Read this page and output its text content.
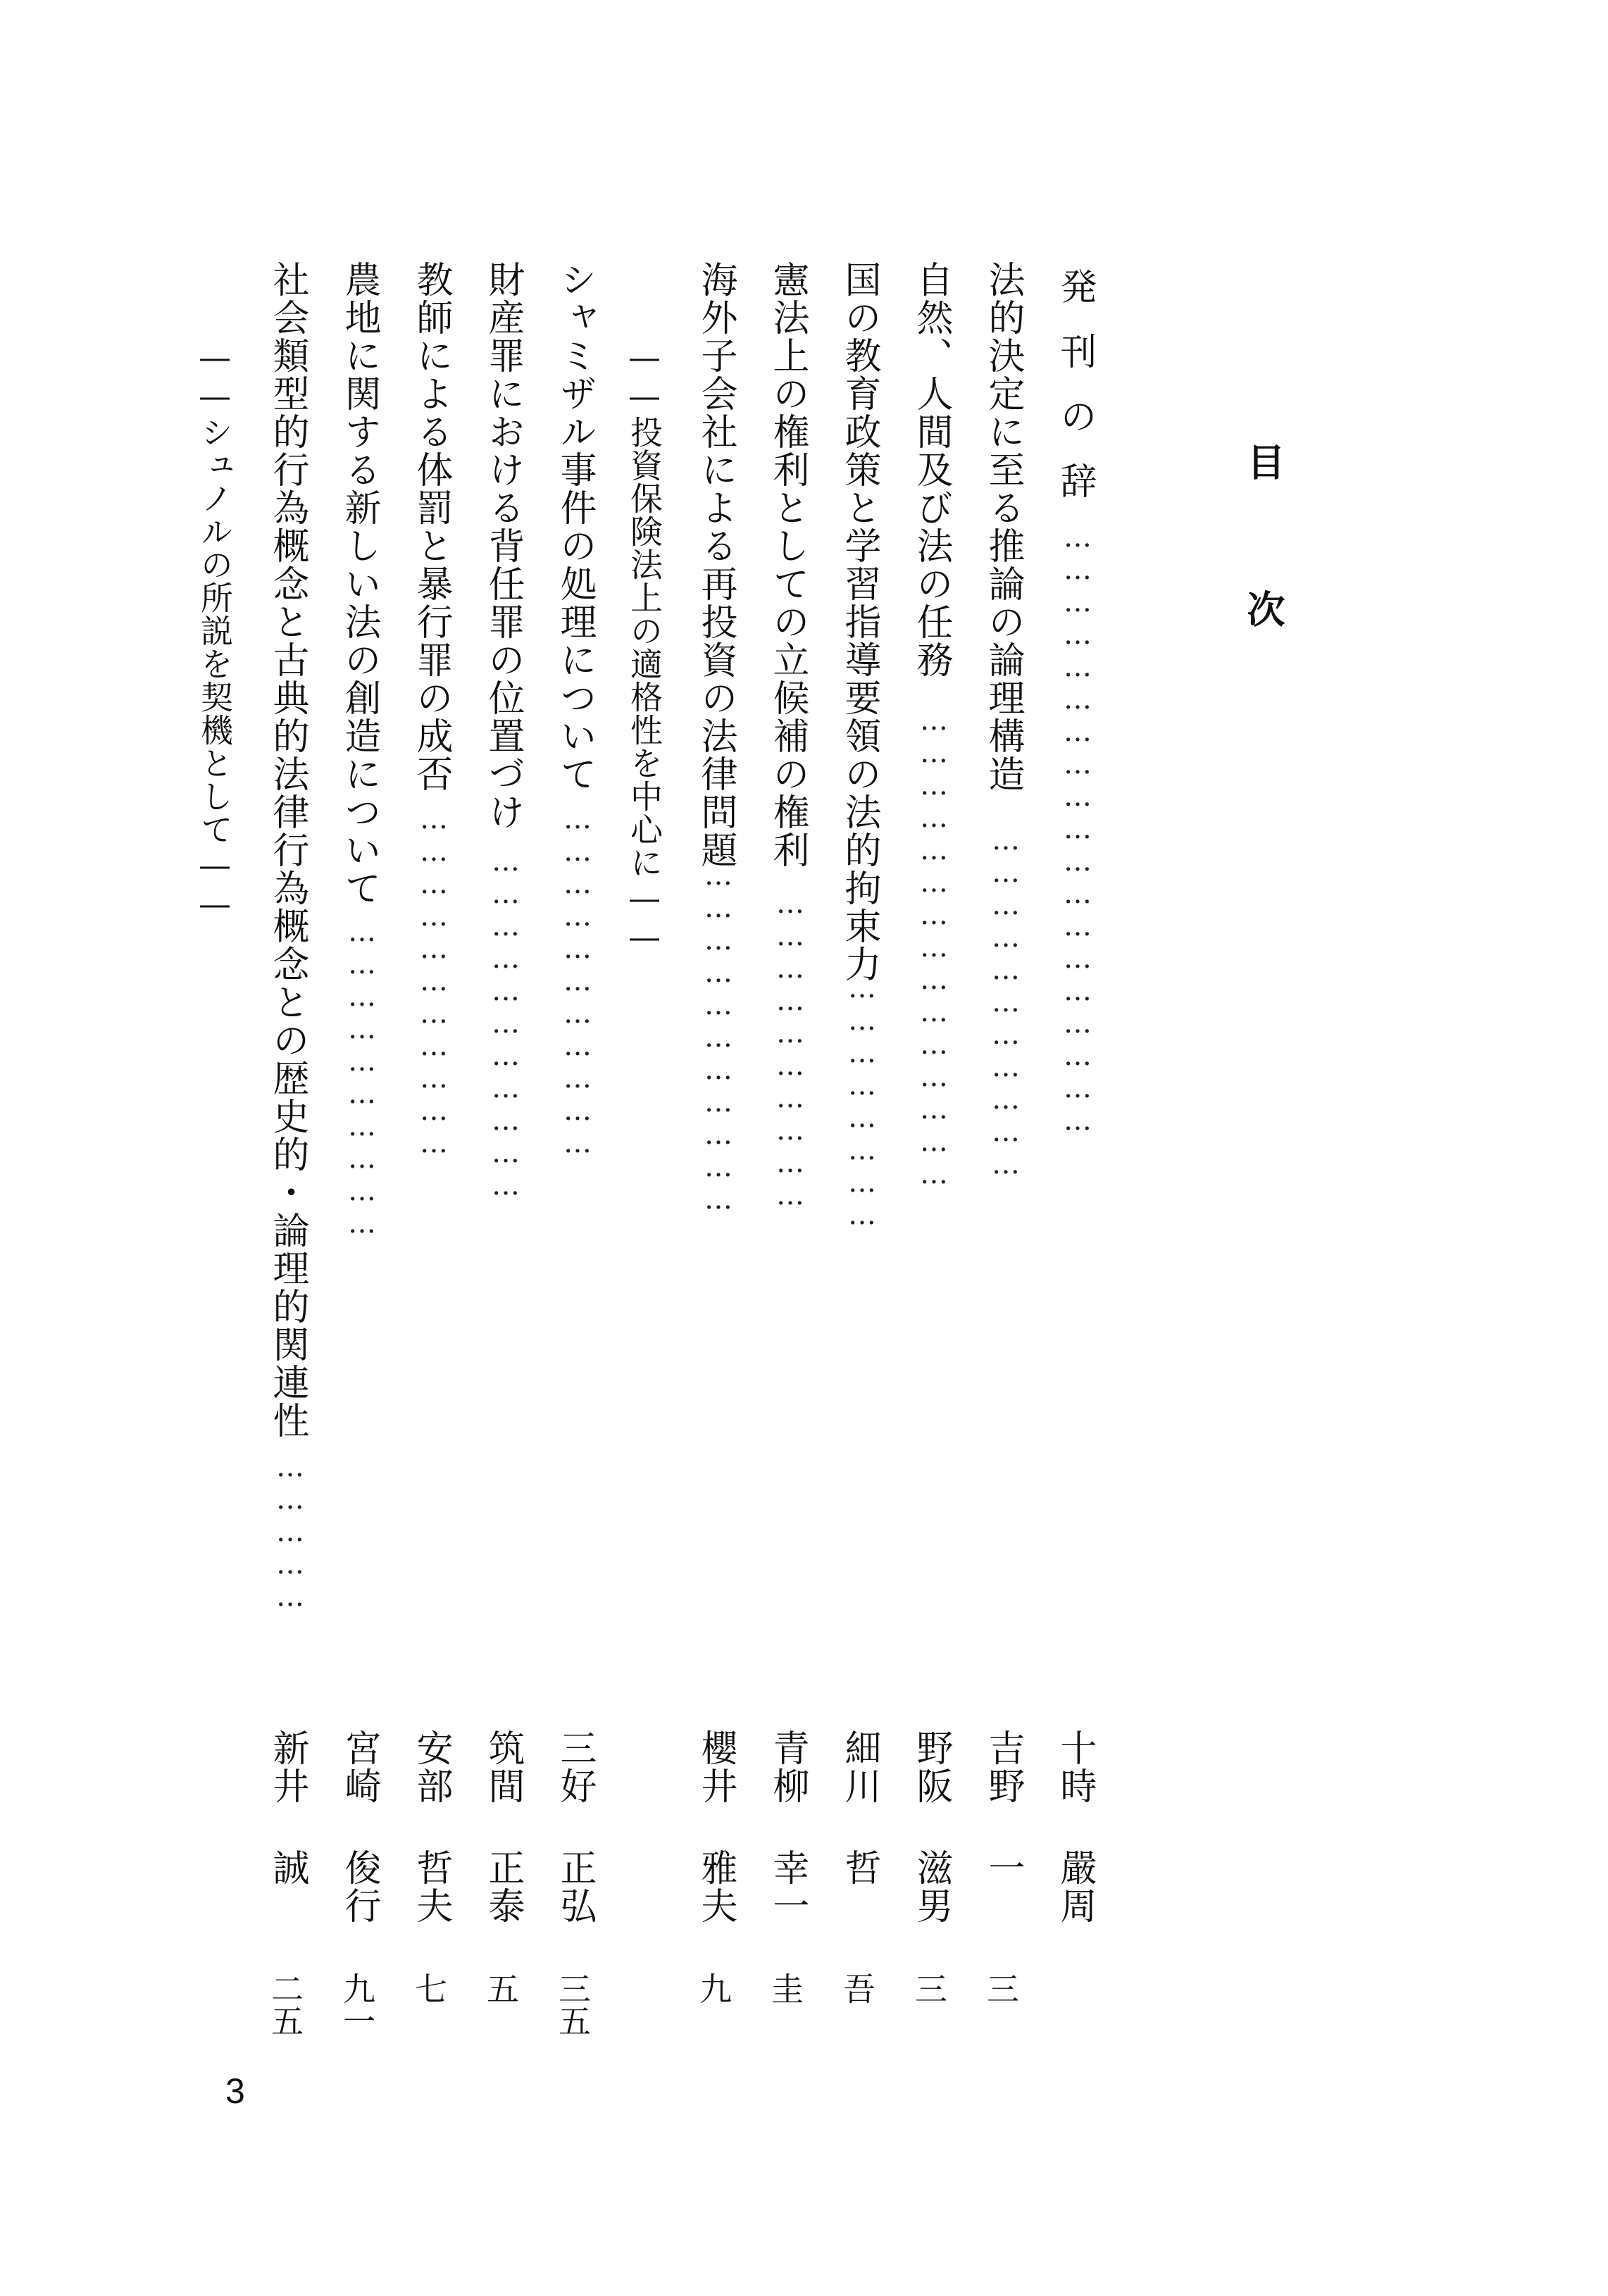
目次
発刊の辞
…………………………………………………
十時 嚴周
法的決定に至る推論の論理構造
……………………………
吉野 一
三
自然、人間及び法の任務
………………………………………
野阪 滋男
三
国の教育政策と学習指導要領の法的拘束力
……………………
細川 哲
吾
憲法上の権利としての立候補の権利
…………………………
青柳 幸一
圭
海外子会社による再投資の法律問題
……………………………
櫻井 雅夫
九
——投資保険法上の適格性を中心に——
シャミザル事件の処理について
……………………………
三好 正弘
三五
財産罪における背任罪の位置づけ
……………………………
筑間 正泰
五
教師による体罰と暴行罪の成否
……………………………
安部 哲夫
七
農地に関する新しい法の創造について
…………………………
宮崎 俊行
九一
社会類型的行為概念と古典的法律行為概念との歴史的・論理的関連性
……………
新井 誠
二五
——シュノルの所説を契機として——
3
